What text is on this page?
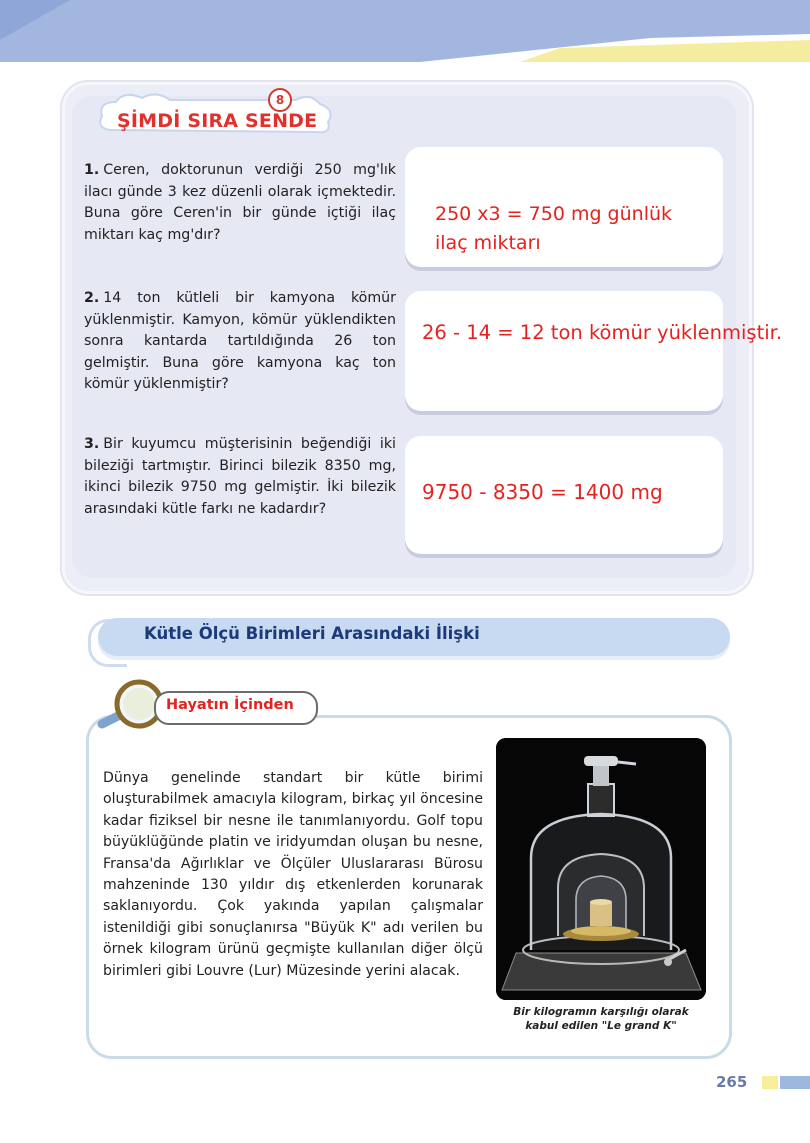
8
ŞİMDİ SIRA SENDE
1. Ceren, doktorunun verdiği 250 mg'lık ilacı günde 3 kez düzenli olarak içmektedir. Buna göre Ceren'in bir günde içtiği ilaç miktarı kaç mg'dır?
250 x3 = 750 mg günlük
ilaç miktarı
2. 14 ton kütleli bir kamyona kömür yüklenmiştir. Kamyon, kömür yüklendikten sonra kantarda tartıldığında 26 ton gelmiştir. Buna göre kamyona kaç ton kömür yüklenmiştir?
26 - 14 = 12 ton kömür yüklenmiştir.
3. Bir kuyumcu müşterisinin beğendiği iki bileziği tartmıştır. Birinci bilezik 8350 mg, ikinci bilezik 9750 mg gelmiştir. İki bilezik arasındaki kütle farkı ne kadardır?
9750 - 8350 = 1400 mg
Kütle Ölçü Birimleri Arasındaki İlişki
Hayatın İçinden
Dünya genelinde standart bir kütle birimi oluşturabilmek amacıyla kilogram, birkaç yıl öncesine kadar fiziksel bir nesne ile tanımlanıyordu. Golf topu büyüklüğünde platin ve iridyumdan oluşan bu nesne, Fransa'da Ağırlıklar ve Ölçüler Uluslararası Bürosu mahzeninde 130 yıldır dış etkenlerden korunarak saklanıyordu. Çok yakında yapılan çalışmalar istenildiği gibi sonuçlanırsa "Büyük K" adı verilen bu örnek kilogram ürünü geçmişte kullanılan diğer ölçü birimleri gibi Louvre (Lur) Müzesinde yerini alacak.
Bir kilogramın karşılığı olarak
kabul edilen "Le grand K"
265
